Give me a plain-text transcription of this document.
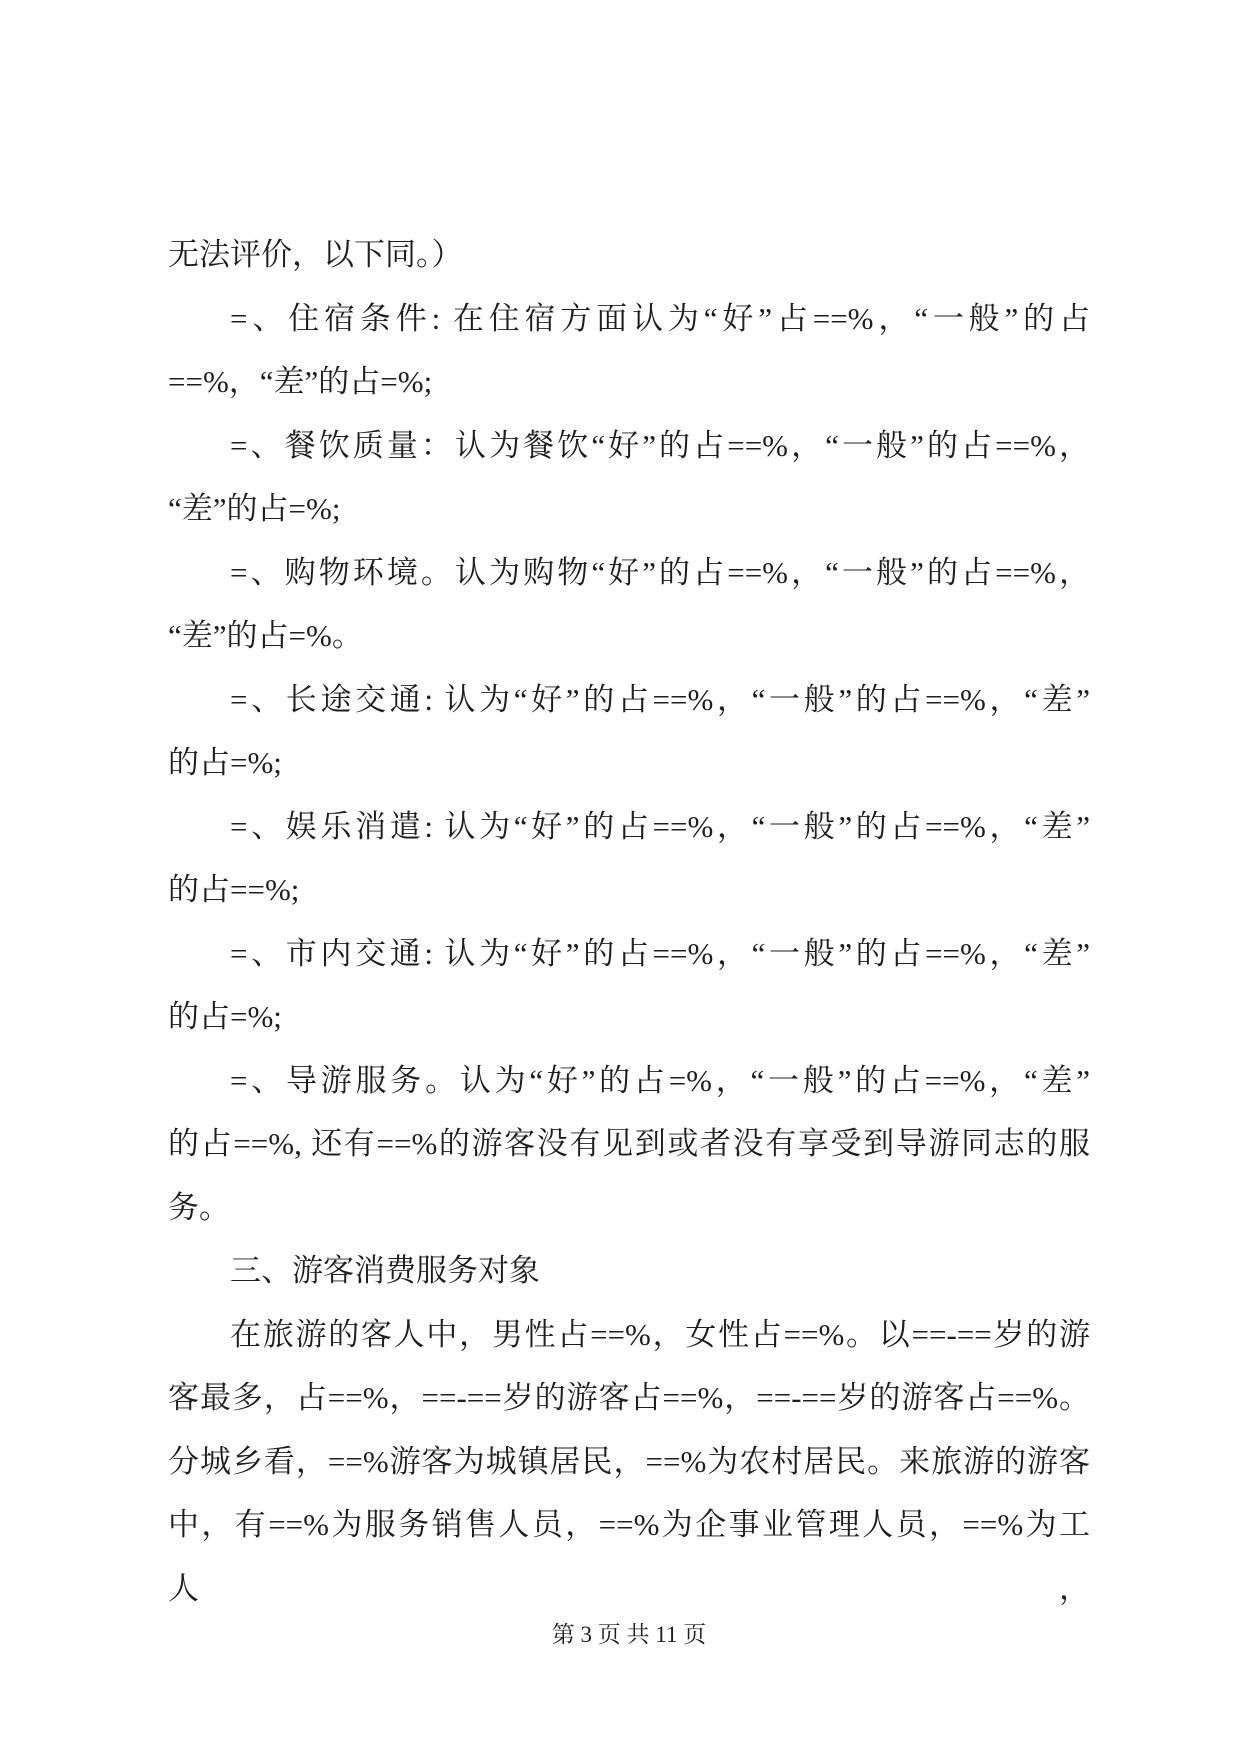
无法评价，以下同。）
=、住宿条件: 在住宿方面认为“好”占==%，“一般”的占
==%，“差”的占=%;
=、餐饮质量：认为餐饮“好”的占==%，“一般”的占==%，
“差”的占=%;
=、购物环境。认为购物“好”的占==%，“一般”的占==%，
“差”的占=%。
=、长途交通: 认为“好”的占==%，“一般”的占==%，“差”
的占=%;
=、娱乐消遣: 认为“好”的占==%，“一般”的占==%，“差”
的占==%;
=、市内交通: 认为“好”的占==%，“一般”的占==%，“差”
的占=%;
=、导游服务。认为“好”的占=%，“一般”的占==%，“差”
的占==%, 还有==%的游客没有见到或者没有享受到导游同志的服
务。
三、游客消费服务对象
在旅游的客人中，男性占==%，女性占==%。以==-==岁的游
客最多，占==%，==-==岁的游客占==%，==-==岁的游客占==%。
分城乡看，==%游客为城镇居民，==%为农村居民。来旅游的游客
中，有==%为服务销售人员，==%为企事业管理人员，==%为工人，
第 3 页 共 11 页
